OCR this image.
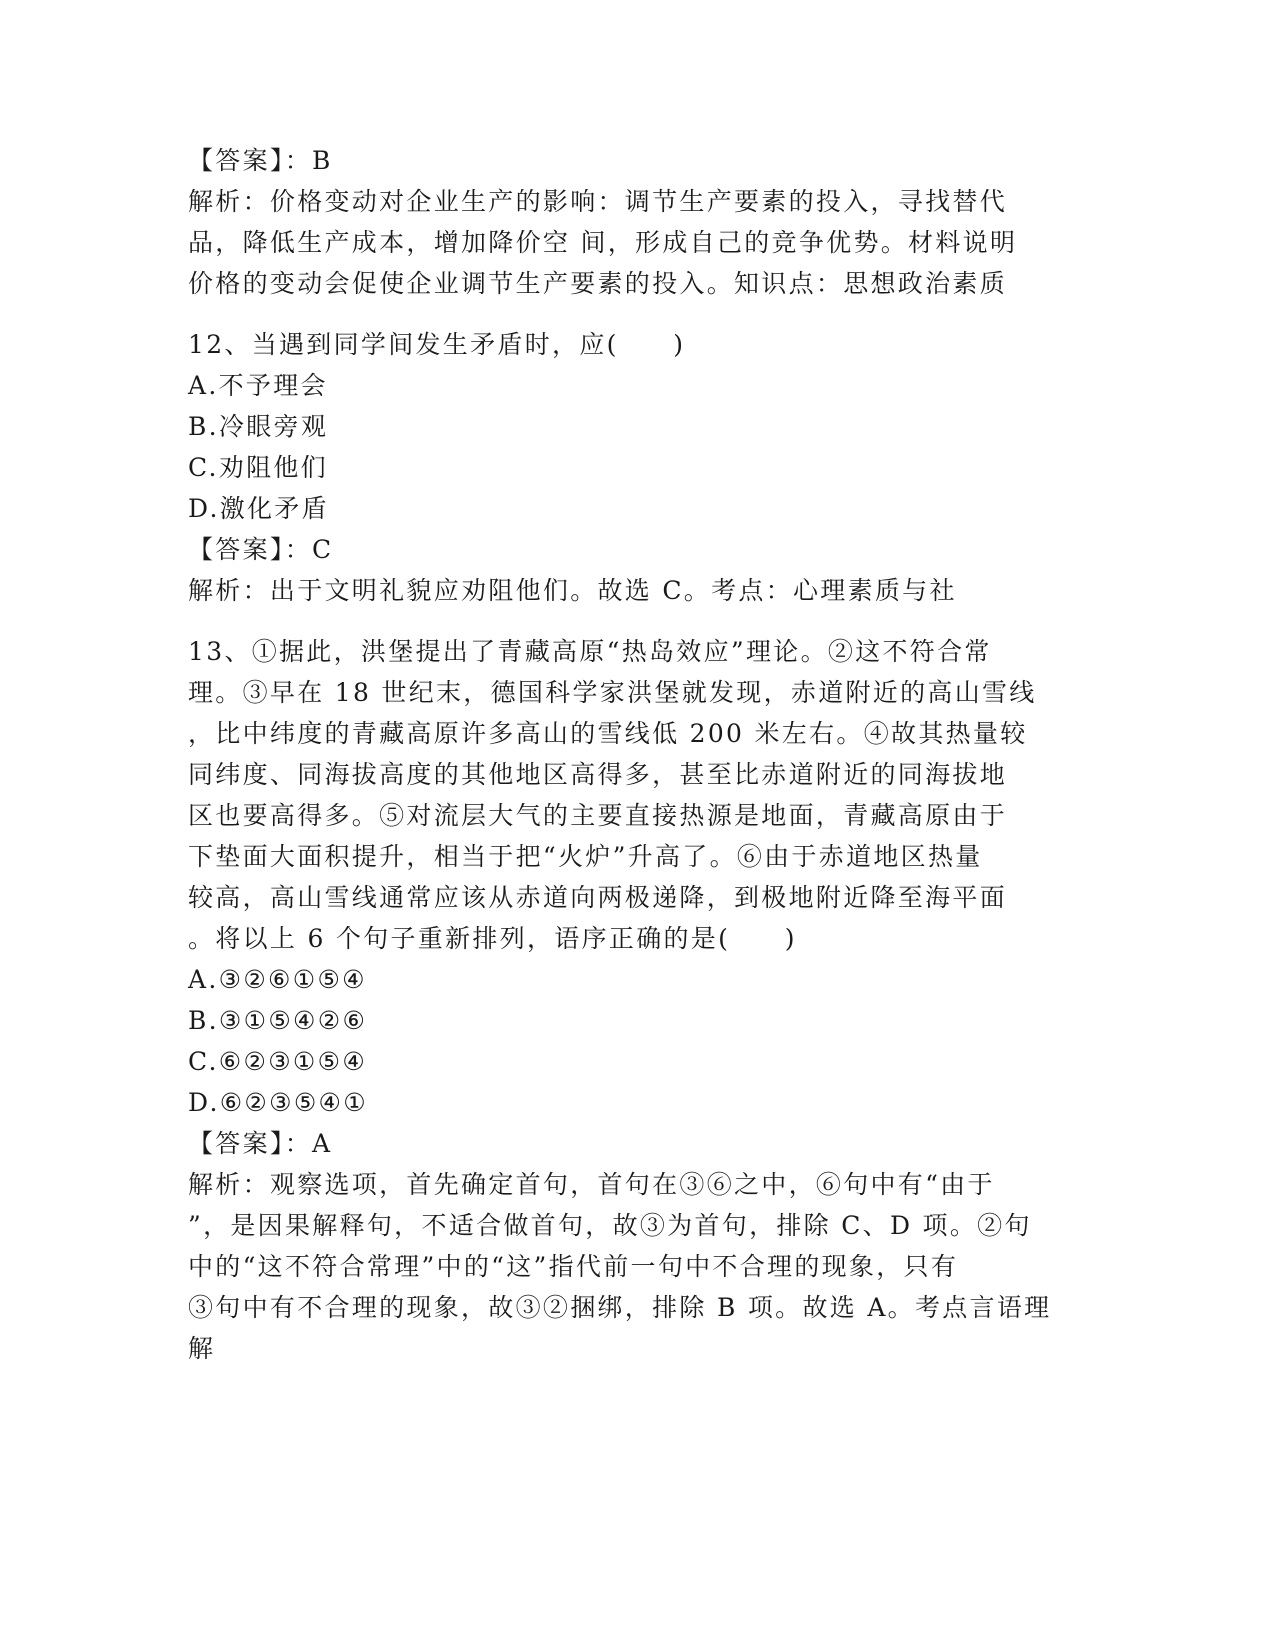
【答案】：B

解析：价格变动对企业生产的影响：调节生产要素的投入，寻找替代

品，降低生产成本，增加降价空 间，形成自己的竞争优势。材料说明

价格的变动会促使企业调节生产要素的投入。知识点：思想政治素质

12、当遇到同学间发生矛盾时，应(　　)

A.不予理会

B.冷眼旁观

C.劝阻他们

D.激化矛盾

【答案】：C

解析：出于文明礼貌应劝阻他们。故选 C。考点：心理素质与社

13、①据此，洪堡提出了青藏高原“热岛效应”理论。②这不符合常

理。③早在 18 世纪末，德国科学家洪堡就发现，赤道附近的高山雪线

，比中纬度的青藏高原许多高山的雪线低 200 米左右。④故其热量较

同纬度、同海拔高度的其他地区高得多，甚至比赤道附近的同海拔地

区也要高得多。⑤对流层大气的主要直接热源是地面，青藏高原由于

下垫面大面积提升，相当于把“火炉”升高了。⑥由于赤道地区热量

较高，高山雪线通常应该从赤道向两极递降，到极地附近降至海平面

。将以上 6 个句子重新排列，语序正确的是(　　)

A.③②⑥①⑤④

B.③①⑤④②⑥

C.⑥②③①⑤④

D.⑥②③⑤④①

【答案】：A

解析：观察选项，首先确定首句，首句在③⑥之中，⑥句中有“由于

”，是因果解释句，不适合做首句，故③为首句，排除 C、D 项。②句

中的“这不符合常理”中的“这”指代前一句中不合理的现象，只有

③句中有不合理的现象，故③②捆绑，排除 B 项。故选 A。考点言语理

解
